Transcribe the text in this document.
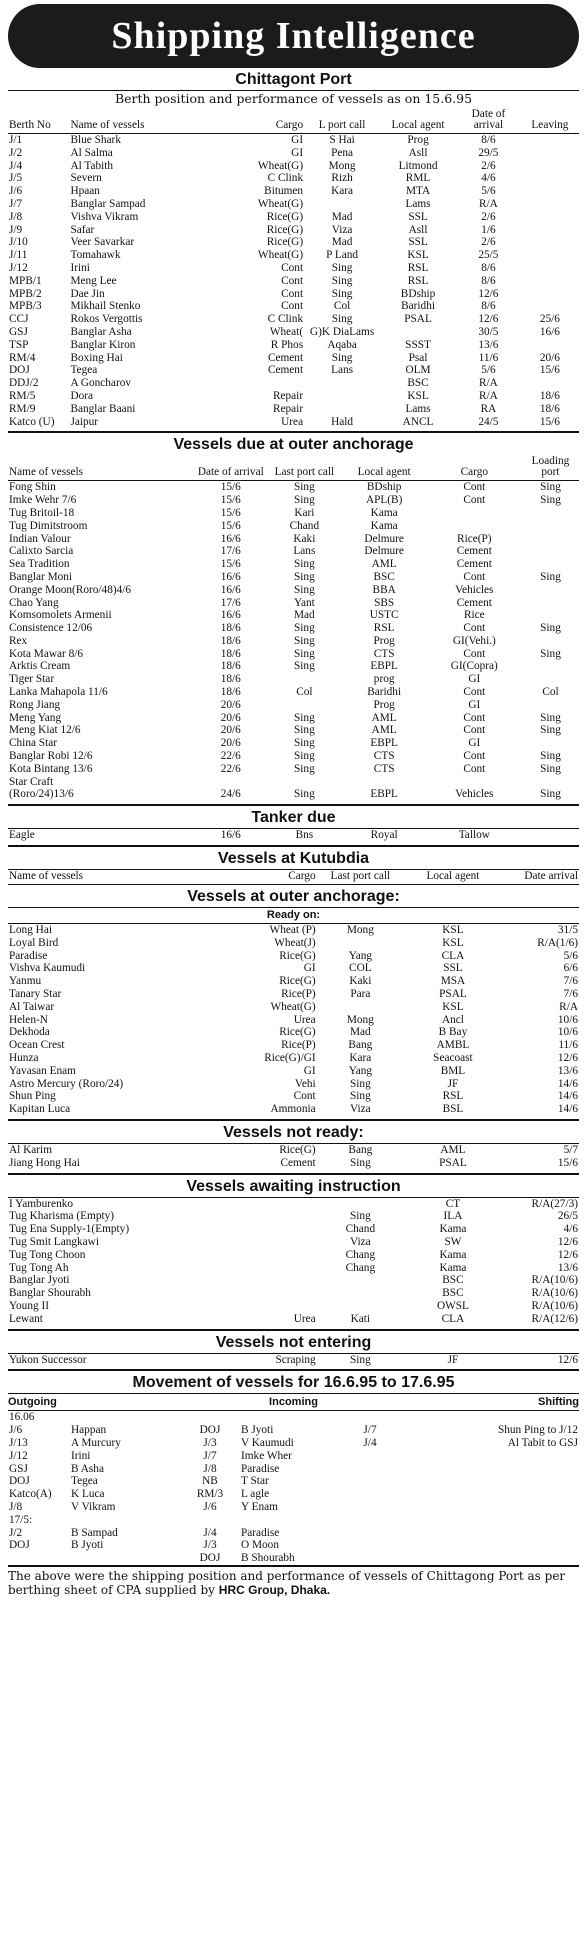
Shipping Intelligence
Chittagont Port
Berth position and performance of vessels as on 15.6.95
Berth No	Name of vessels	Cargo	L port call	Local agent	Date of arrival	Leaving
J/1	Blue Shark	GI	S Hai	Prog	8/6	
J/2	Al Salma	GI	Pena	Asll	29/5	
J/4	Al Tabith	Wheat(G)	Mong	Litmond	2/6	
J/5	Severn	C Clink	Rizh	RML	4/6	
J/6	Hpaan	Bitumen	Kara	MTA	5/6	
J/7	Banglar Sampad	Wheat(G)		Lams	R/A	
J/8	Vishva Vikram	Rice(G)	Mad	SSL	2/6	
J/9	Safar	Rice(G)	Viza	Asll	1/6	
J/10	Veer Savarkar	Rice(G)	Mad	SSL	2/6	
J/11	Tomahawk	Wheat(G)	P Land	KSL	25/5	
J/12	Irini	Cont	Sing	RSL	8/6	
MPB/1	Meng Lee	Cont	Sing	RSL	8/6	
MPB/2	Dae Jin	Cont	Sing	BDship	12/6	
MPB/3	Mikhail Stenko	Cont	Col	Baridhi	8/6	
CCJ	Rokos Vergottis	C Clink	Sing	PSAL	12/6	25/6
GSJ	Banglar Asha	Wheat(	G)K DiaLams		30/5	16/6
TSP	Banglar Kiron	R Phos	Aqaba	SSST	13/6	
RM/4	Boxing Hai	Cement	Sing	Psal	11/6	20/6
DOJ	Tegea	Cement	Lans	OLM	5/6	15/6
DDJ/2	A Goncharov			BSC	R/A	
RM/5	Dora	Repair		KSL	R/A	18/6
RM/9	Banglar Baani	Repair		Lams	RA	18/6
Katco (U)	Jaipur	Urea	Hald	ANCL	24/5	15/6
Vessels due at outer anchorage
Name of vessels	Date of arrival	Last port call	Local agent	Cargo	Loading port
Fong Shin	15/6	Sing	BDship	Cont	Sing
Imke Wehr 7/6	15/6	Sing	APL(B)	Cont	Sing
Tug Britoil-18	15/6	Kari	Kama		
Tug Dimitstroom	15/6	Chand	Kama		
Indian Valour	16/6	Kaki	Delmure	Rice(P)	
Calixto Sarcia	17/6	Lans	Delmure	Cement	
Sea Tradition	15/6	Sing	AML	Cement	
Banglar Moni	16/6	Sing	BSC	Cont	Sing
Orange Moon(Roro/48)4/6	16/6	Sing	BBA	Vehicles	
Chao Yang	17/6	Yant	SBS	Cement	
Komsomolets Armenii	16/6	Mad	USTC	Rice	
Consistence 12/06	18/6	Sing	RSL	Cont	Sing
Rex	18/6	Sing	Prog	GI(Vehi.)	
Kota Mawar 8/6	18/6	Sing	CTS	Cont	Sing
Arktis Cream	18/6	Sing	EBPL	GI(Copra)	
Tiger Star	18/6		prog	GI	
Lanka Mahapola 11/6	18/6	Col	Baridhi	Cont	Col
Rong Jiang	20/6		Prog	GI	
Meng Yang	20/6	Sing	AML	Cont	Sing
Meng Kiat 12/6	20/6	Sing	AML	Cont	Sing
China Star	20/6	Sing	EBPL	GI	
Banglar Robi 12/6	22/6	Sing	CTS	Cont	Sing
Kota Bintang 13/6	22/6	Sing	CTS	Cont	Sing
Star Craft					
(Roro/24)13/6	24/6	Sing	EBPL	Vehicles	Sing
Tanker due
Eagle	16/6	Bns	Royal	Tallow	
Vessels at Kutubdia
Name of vessels	Cargo	Last port call	Local agent	Date arrival
Vessels at outer anchorage:
Ready on:
Long Hai	Wheat (P)	Mong	KSL	31/5
Loyal Bird	Wheat(J)		KSL	R/A(1/6)
Paradise	Rice(G)	Yang	CLA	5/6
Vishva Kaumudi	GI	COL	SSL	6/6
Yanmu	Rice(G)	Kaki	MSA	7/6
Tanary Star	Rice(P)	Para	PSAL	7/6
Al Taiwar	Wheat(G)		KSL	R/A
Helen-N	Urea	Mong	Ancl	10/6
Dekhoda	Rice(G)	Mad	B Bay	10/6
Ocean Crest	Rice(P)	Bang	AMBL	11/6
Hunza	Rice(G)/GI	Kara	Seacoast	12/6
Yavasan Enam	GI	Yang	BML	13/6
Astro Mercury (Roro/24)	Vehi	Sing	JF	14/6
Shun Ping	Cont	Sing	RSL	14/6
Kapitan Luca	Ammonia	Viza	BSL	14/6
Vessels not ready:
Al Karim	Rice(G)	Bang	AML	5/7
Jiang Hong Hai	Cement	Sing	PSAL	15/6
Vessels awaiting instruction
I Yamburenko			CT	R/A(27/3)
Tug Kharisma (Empty)		Sing	ILA	26/5
Tug Ena Supply-1(Empty)		Chand	Kama	4/6
Tug Smit Langkawi		Viza	SW	12/6
Tug Tong Choon		Chang	Kama	12/6
Tug Tong Ah		Chang	Kama	13/6
Banglar Jyoti			BSC	R/A(10/6)
Banglar Shourabh			BSC	R/A(10/6)
Young II			OWSL	R/A(10/6)
Lewant	Urea	Kati	CLA	R/A(12/6)
Vessels not entering
Yukon Successor	Scraping	Sing	JF	12/6
Movement of vessels for 16.6.95 to 17.6.95
Outgoing	Incoming	Shifting
16.06						
J/6	Happan	DOJ	B Jyoti	J/7	Shun Ping to J/12	
J/13	A Murcury	J/3	V Kaumudi	J/4	Al Tabit to GSJ	
J/12	Irini	J/7	Imke Wher			
GSJ	B Asha	J/8	Paradise			
DOJ	Tegea	NB	T Star			
Katco(A)	K Luca	RM/3	L agle			
J/8	V Vikram	J/6	Y Enam			
17/5:						
J/2	B Sampad	J/4	Paradise			
DOJ	B Jyoti	J/3	O Moon			
		DOJ	B Shourabh			
The above were the shipping position and performance of vessels of Chittagong Port as per berthing sheet of CPA supplied by HRC Group, Dhaka.
